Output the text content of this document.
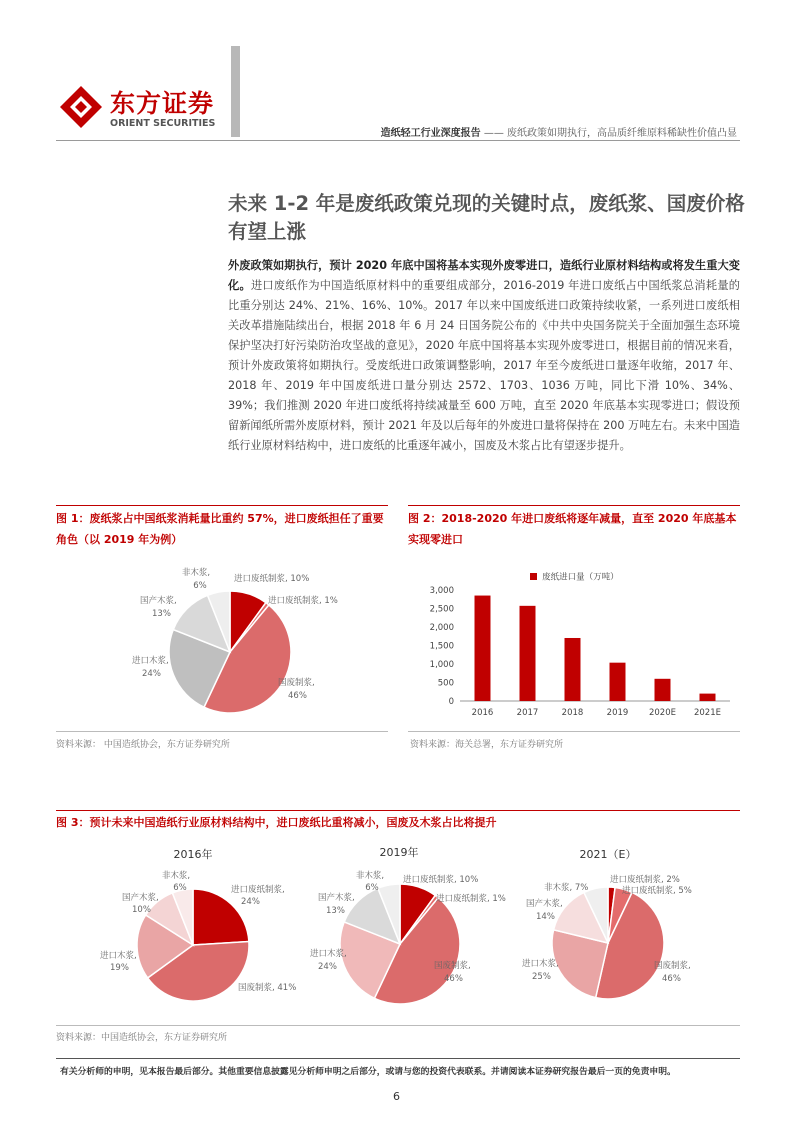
东方证券
ORIENT SECURITIES
造纸轻工行业深度报告 —— 废纸政策如期执行，高品质纤维原料稀缺性价值凸显
未来 1-2 年是废纸政策兑现的关键时点，废纸浆、国废价格有望上涨
外废政策如期执行，预计 2020 年底中国将基本实现外废零进口，造纸行业原材料结构或将发生重大变化。进口废纸作为中国造纸原材料中的重要组成部分，2016-2019 年进口废纸占中国纸浆总消耗量的比重分别达 24%、21%、16%、10%。2017 年以来中国废纸进口政策持续收紧，一系列进口废纸相关改革措施陆续出台，根据 2018 年 6 月 24 日国务院公布的《中共中央国务院关于全面加强生态环境保护坚决打好污染防治攻坚战的意见》，2020 年底中国将基本实现外废零进口，根据目前的情况来看，预计外废政策将如期执行。受废纸进口政策调整影响，2017 年至今废纸进口量逐年收缩，2017 年、2018 年、2019 年中国废纸进口量分别达 2572、1703、1036 万吨，同比下滑 10%、34%、39%；我们推测 2020 年进口废纸将持续减量至 600 万吨，直至 2020 年底基本实现零进口；假设预留新闻纸所需外废原材料，预计 2021 年及以后每年的外废进口量将保持在 200 万吨左右。未来中国造纸行业原材料结构中，进口废纸的比重逐年减小，国废及木浆占比有望逐步提升。
图 1：废纸浆占中国纸浆消耗量比重约 57%，进口废纸担任了重要角色（以 2019 年为例）
非木浆,
6%
进口废纸制浆, 10%
进口废纸制浆, 1%
国产木浆,
13%
进口木浆,
24%
国废制浆,
46%
资料来源： 中国造纸协会，东方证券研究所
图 2：2018-2020 年进口废纸将逐年减量，直至 2020 年底基本实现零进口
废纸进口量（万吨）
0
500
1,000
1,500
2,000
2,500
3,000
2016	2017	2018	2019 2020E 2021E
资料来源：海关总署，东方证券研究所
图 3：预计未来中国造纸行业原材料结构中，进口废纸比重将减小，国废及木浆占比将提升
2016年
非木浆,
6%	进口废纸制浆,
24%
国产木浆,
10%
进口木浆,
19%
国废制浆, 41%
2019年
非木浆,
6%
进口废纸制浆, 10%
进口废纸制浆, 1%
国产木浆,
13%
进口木浆,
24%	国废制浆,
46%
2021（E）
非木浆, 7%
进口废纸制浆, 2%
进口废纸制浆, 5%
国产木浆,
14%
进口木浆,
25%
国废制浆,
46%
资料来源：中国造纸协会，东方证券研究所
有关分析师的申明，见本报告最后部分。其他重要信息披露见分析师申明之后部分，或请与您的投资代表联系。并请阅读本证券研究报告最后一页的免责申明。
6
